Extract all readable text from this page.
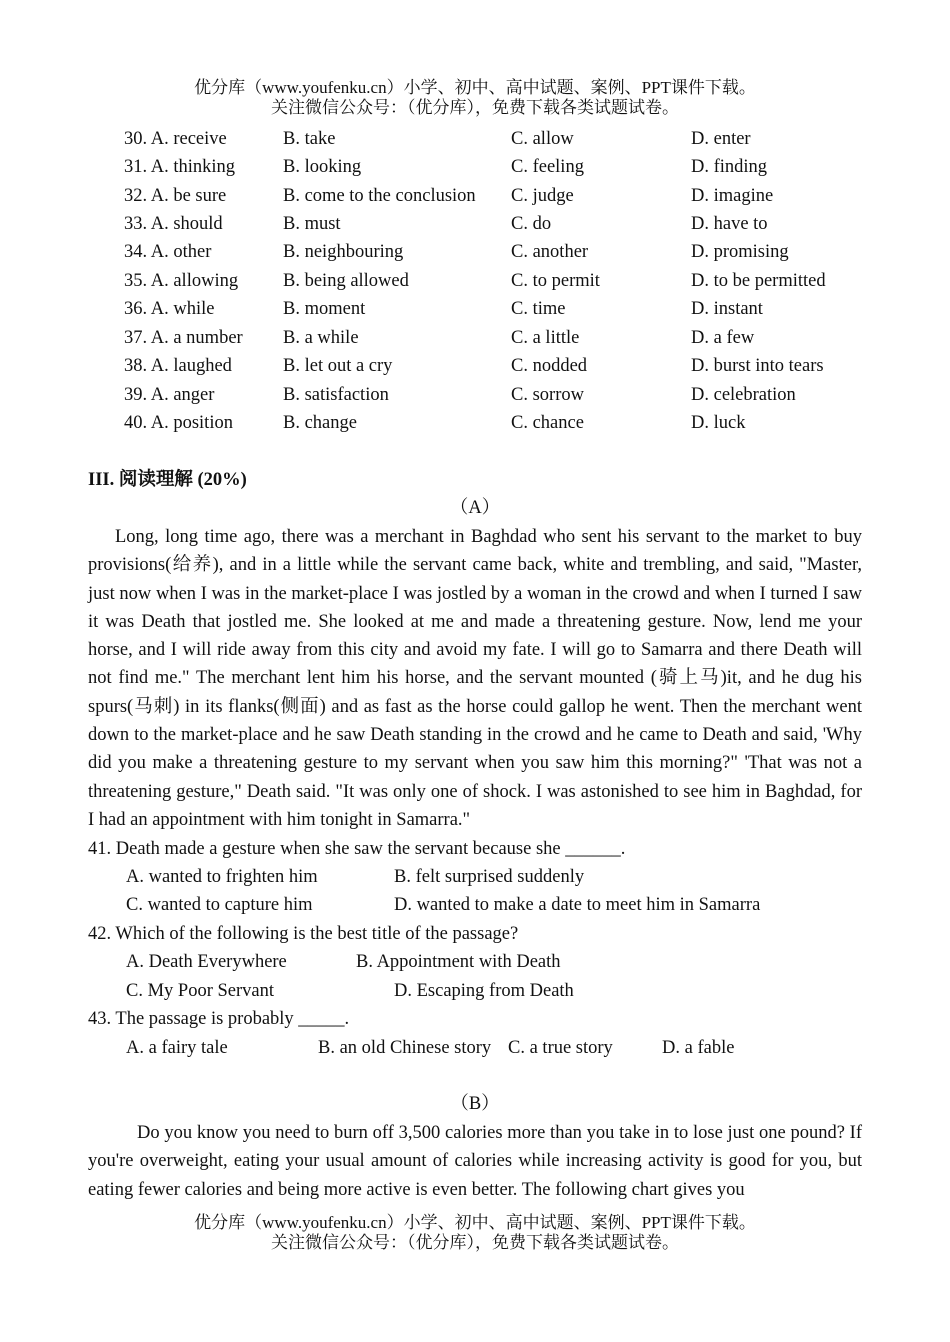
优分库（www.youfenku.cn）小学、初中、高中试题、案例、PPT课件下载。
关注微信公众号：（优分库），免费下载各类试题试卷。
30. A. receive	B. take	C. allow	D. enter
31. A. thinking	B. looking	C. feeling	D. finding
32. A. be sure	B. come to the conclusion C. judge	D. imagine
33. A. should	B. must	C. do	D. have to
34. A. other	B. neighbouring	C. another	D. promising
35. A. allowing B. being allowed	C. to permit	D. to be permitted
36. A. while	B. moment	C. time	D. instant
37. A. a number B. a while	C. a little	D. a few
38. A. laughed	B. let out a cry	C. nodded	D. burst into tears
39. A. anger	B. satisfaction	C. sorrow	D. celebration
40. A. position	B. change	C. chance	D. luck
III. 阅读理解 (20%)
（A）

Long, long time ago, there was a merchant in Baghdad who sent his servant to the market to buy provisions(给养), and in a little while the servant came back, white and trembling, and said, "Master, just now when I was in the market-place I was jostled by a woman in the crowd and when I turned I saw it was Death that jostled me. She looked at me and made a threatening gesture. Now, lend me your horse, and I will ride away from this city and avoid my fate. I will go to Samarra and there Death will not find me." The merchant lent him his horse, and the servant mounted (骑上马)it, and he dug his spurs(马刺) in its flanks(侧面) and as fast as the horse could gallop he went. Then the merchant went down to the market-place and he saw Death standing in the crowd and he came to Death and said, 'Why did you make a threatening gesture to my servant when you saw him this morning?" 'That was not a threatening gesture," Death said. "It was only one of shock. I was astonished to see him in Baghdad, for I had an appointment with him tonight in Samarra."

41. Death made a gesture when she saw the servant because she ______.
A. wanted to frighten him	B. felt surprised suddenly
C. wanted to capture him	D. wanted to make a date to meet him in Samarra
42. Which of the following is the best title of the passage?
A. Death Everywhere	B. Appointment with Death
C. My Poor Servant	D. Escaping from Death
43. The passage is probably _____.
A. a fairy tale	B. an old Chinese story C. a true story	D. a fable
（B）

Do you know you need to burn off 3,500 calories more than you take in to lose just one pound? If you're overweight, eating your usual amount of calories while increasing activity is good for you, but eating fewer calories and being more active is even better. The following chart gives you

优分库（www.youfenku.cn）小学、初中、高中试题、案例、PPT课件下载。
关注微信公众号：（优分库），免费下载各类试题试卷。
